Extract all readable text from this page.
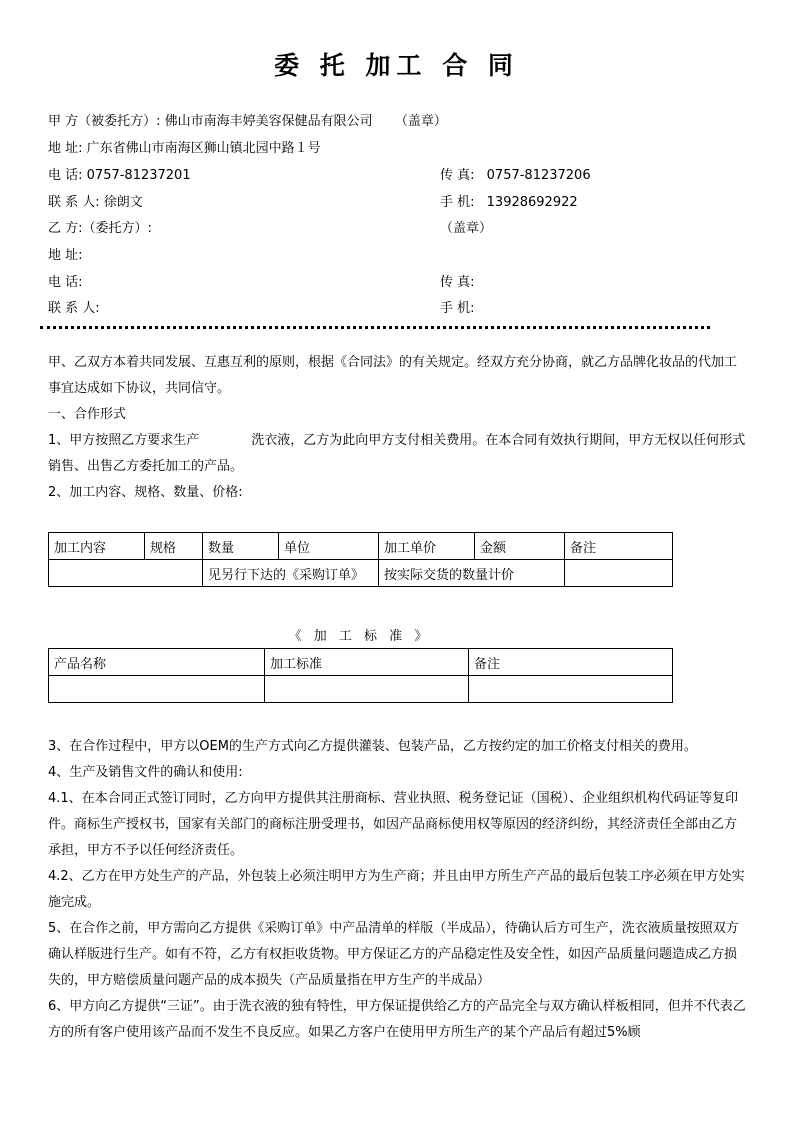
委 托 加工 合 同
甲 方（被委托方）: 佛山市南海丰婷美容保健品有限公司 （盖章）
地 址: 广东省佛山市南海区狮山镇北园中路１号
电 话: 0757-81237201	传 真: 0757-81237206
联 系 人: 徐朗文	手 机: 13928692922
乙 方:（委托方）:	（盖章）
地 址:
电 话:	传 真:
联 系 人:	手 机:

甲、乙双方本着共同发展、互惠互利的原则，根据《合同法》的有关规定。经双方充分协商，就乙方品牌化妆品的代加工事宜达成如下协议，共同信守。

一、合作形式

1、甲方按照乙方要求生产　　　　洗衣液，乙方为此向甲方支付相关费用。在本合同有效执行期间，甲方无权以任何形式销售、出售乙方委托加工的产品。

2、加工内容、规格、数量、价格:

加工内容	规格	数量	单位	加工单价	金额	备注
		见另行下达的《采购订单》		按实际交货的数量计价		
《 加 工 标 准 》
产品名称	加工标准	备注

3、在合作过程中，甲方以OEM的生产方式向乙方提供灌装、包装产品，乙方按约定的加工价格支付相关的费用。

4、生产及销售文件的确认和使用:

4.1、在本合同正式签订同时，乙方向甲方提供其注册商标、营业执照、税务登记证（国税）、企业组织机构代码证等复印件。商标生产授权书，国家有关部门的商标注册受理书，如因产品商标使用权等原因的经济纠纷，其经济责任全部由乙方承担，甲方不予以任何经济责任。

4.2、乙方在甲方处生产的产品，外包装上必须注明甲方为生产商；并且由甲方所生产产品的最后包装工序必须在甲方处实施完成。

5、在合作之前，甲方需向乙方提供《采购订单》中产品清单的样版（半成品），待确认后方可生产，洗衣液质量按照双方确认样版进行生产。如有不符，乙方有权拒收货物。甲方保证乙方的产品稳定性及安全性，如因产品质量问题造成乙方损失的，甲方赔偿质量问题产品的成本损失（产品质量指在甲方生产的半成品）

6、甲方向乙方提供“三证”。由于洗衣液的独有特性，甲方保证提供给乙方的产品完全与双方确认样板相同，但并不代表乙方的所有客户使用该产品而不发生不良反应。如果乙方客户在使用甲方所生产的某个产品后有超过5%顾
